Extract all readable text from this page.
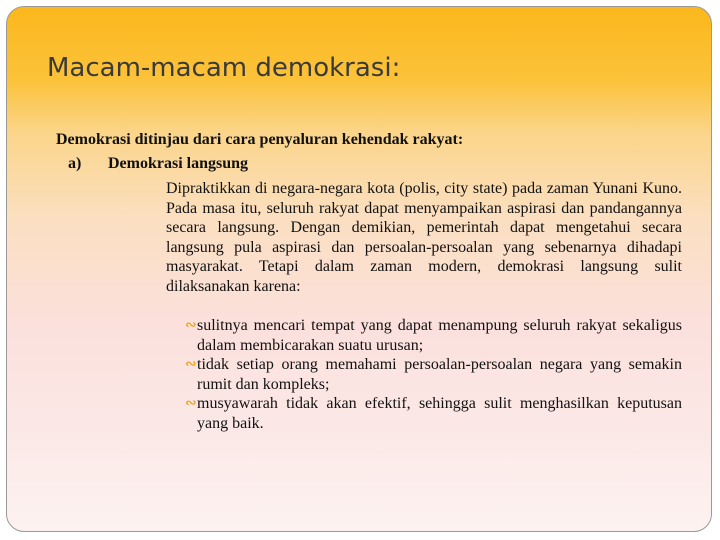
Macam-macam demokrasi:
Demokrasi ditinjau dari cara penyaluran kehendak rakyat:
a) Demokrasi langsung

Dipraktikkan di negara-negara kota (polis, city state) pada zaman Yunani Kuno. Pada masa itu, seluruh rakyat dapat menyampaikan aspirasi dan pandangannya secara langsung. Dengan demikian, pemerintah dapat mengetahui secara langsung pula aspirasi dan persoalan-persoalan yang sebenarnya dihadapi masyarakat. Tetapi dalam zaman modern, demokrasi langsung sulit dilaksanakan karena:

∾ sulitnya mencari tempat yang dapat menampung seluruh rakyat sekaligus dalam membicarakan suatu urusan;
∾ tidak setiap orang memahami persoalan-persoalan negara yang semakin rumit dan kompleks;
∾ musyawarah tidak akan efektif, sehingga sulit menghasilkan keputusan yang baik.
